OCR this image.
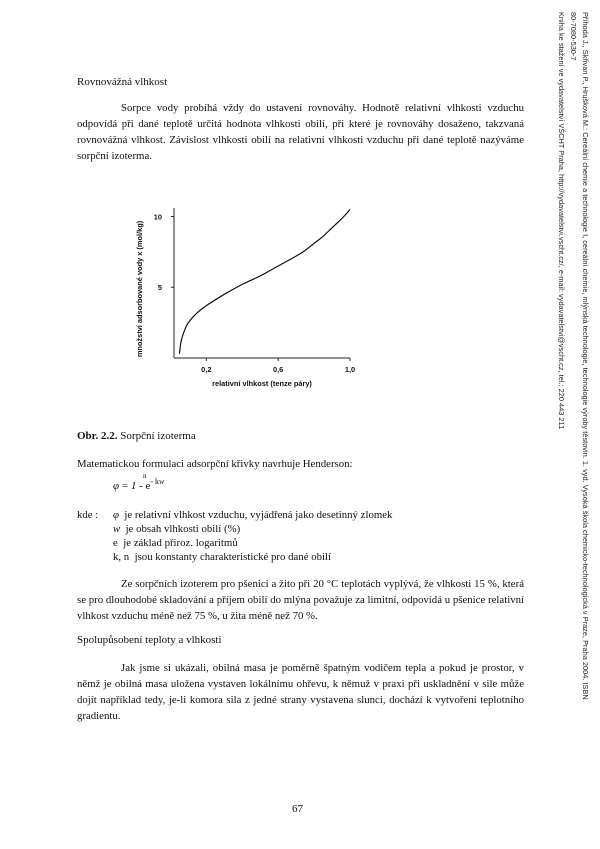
Příhoda J., Skřivan P., Hrušková M.: Cereální chemie a technologie I, cereální chemie, mlýnská technologie, technologie výroby těstovin. 1. vyd. Vysoká škola chemicko-technologická v Praze, Praha 2004. ISBN
80-7080-530-7
Kniha ke stažení ve vydavatelství VŠCHT Praha, http://vydavatelstvi.vscht.cz/, e-mail: vydavatelstvi@vscht.cz, tel.: 220 443 211
Rovnovážná vlhkost

Sorpce vody probíhá vždy do ustavení rovnováhy. Hodnotě relativní vlhkosti vzduchu odpovídá při dané teplotě určitá hodnota vlhkosti obilí, při které je rovnováhy dosaženo, takzvaná rovnovážná vlhkost. Závislost vlhkosti obilí na relativní vlhkosti vzduchu při dané teplotě nazýváme sorpční izoterma.

0,2	0,6	1,0
5
10
relativní vlhkost (tenze páry)
množství adsorbované vody x (mol/kg)
Obr. 2.2. Sorpční izoterma
Matematickou formulaci adsorpční křivky navrhuje Henderson:
n
$\varphi = 1 - e^{- kw}$
kde : φ je relativní vlhkost vzduchu, vyjádřená jako desetinný zlomek
w je obsah vlhkosti obilí (%)
e je základ přiroz. logaritmů
k, n jsou konstanty charakteristické pro dané obilí

Ze sorpčních izoterem pro pšenici a žito při 20 °C teplotách vyplývá, že vlhkosti 15 %, která se pro dlouhodobé skladování a příjem obilí do mlýna považuje za limitní, odpovídá u pšenice relativní vlhkost vzduchu méně než 75 %, u žita méně než 70 %.

Spolupůsobení teploty a vlhkosti

Jak jsme si ukázali, obilná masa je poměrně špatným vodičem tepla a pokud je prostor, v němž je obilná masa uložena vystaven lokálnímu ohřevu, k němuž v praxi při uskladnění v sile může dojít například tedy, je-li komora sila z jedné strany vystavena slunci, dochází k vytvoření teplotního gradientu.

67
